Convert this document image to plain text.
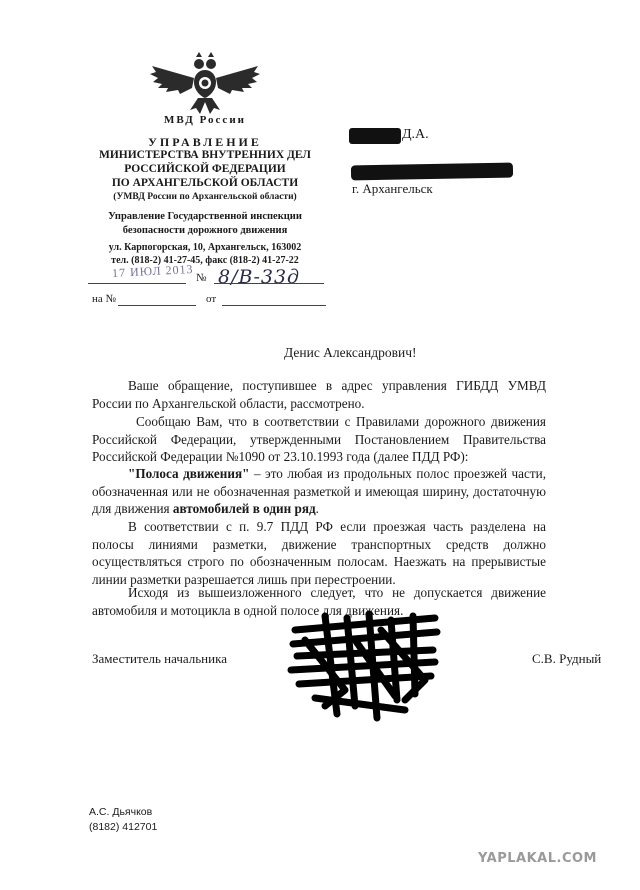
МВД России
УПРАВЛЕНИЕ
МИНИСТЕРСТВА ВНУТРЕННИХ ДЕЛ
РОССИЙСКОЙ ФЕДЕРАЦИИ
ПО АРХАНГЕЛЬСКОЙ ОБЛАСТИ
(УМВД России по Архангельской области)
Управление Государственной инспекции
безопасности дорожного движения
ул. Карпогорская, 10, Архангельск, 163002
тел. (818-2) 41-27-45, факс (818-2) 41-27-22
17 ИЮЛ 2013 № 8/В-33д
на №	от
Д.А.
г. Архангельск
Денис Александрович!
Ваше обращение, поступившее в адрес управления ГИБДД УМВД России по Архангельской области, рассмотрено.
Сообщаю Вам, что в соответствии с Правилами дорожного движения Российской Федерации, утвержденными Постановлением Правительства Российской Федерации №1090 от 23.10.1993 года (далее ПДД РФ):
"Полоса движения" – это любая из продольных полос проезжей части, обозначенная или не обозначенная разметкой и имеющая ширину, достаточную для движения автомобилей в один ряд.
В соответствии с п. 9.7 ПДД РФ если проезжая часть разделена на полосы линиями разметки, движение транспортных средств должно осуществляться строго по обозначенным полосам. Наезжать на прерывистые линии разметки разрешается лишь при перестроении.
Исходя из вышеизложенного следует, что не допускается движение автомобиля и мотоцикла в одной полосе для движения.
Заместитель начальника	С.В. Рудный
А.С. Дьячков
(8182) 412701
YAPLAKAL.COM
